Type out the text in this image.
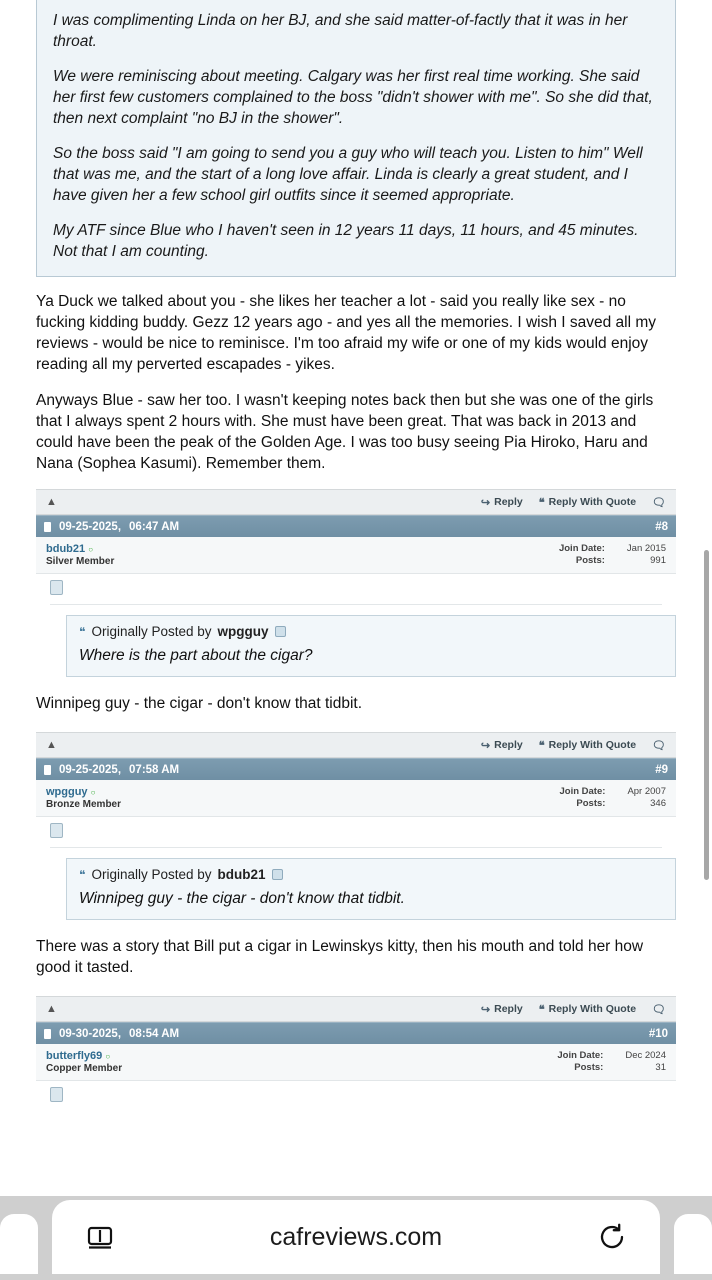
I was complimenting Linda on her BJ, and she said matter-of-factly that it was in her throat.

We were reminiscing about meeting. Calgary was her first real time working. She said her first few customers complained to the boss "didn't shower with me". So she did that, then next complaint "no BJ in the shower".

So the boss said "I am going to send you a guy who will teach you. Listen to him" Well that was me, and the start of a long love affair. Linda is clearly a great student, and I have given her a few school girl outfits since it seemed appropriate.

My ATF since Blue who I haven't seen in 12 years 11 days, 11 hours, and 45 minutes. Not that I am counting.

Ya Duck we talked about you - she likes her teacher a lot - said you really like sex - no fucking kidding buddy. Gezz 12 years ago - and yes all the memories. I wish I saved all my reviews - would be nice to reminisce. I'm too afraid my wife or one of my kids would enjoy reading all my perverted escapades - yikes.

Anyways Blue - saw her too. I wasn't keeping notes back then but she was one of the girls that I always spent 2 hours with. She must have been great. That was back in 2013 and could have been the peak of the Golden Age. I was too busy seeing Pia Hiroko, Haru and Nana (Sophea Kasumi). Remember them.

▲	↪ Reply ❝ Reply With Quote 🗨
09-25-2025, 06:47 AM	#8
bdub21 ○
Silver Member
Join Date: Jan 2015
Posts:	991
❝ Originally Posted by wpgguy
Where is the part about the cigar?
Winnipeg guy - the cigar - don't know that tidbit.
▲	↪ Reply ❝ Reply With Quote 🗨
09-25-2025, 07:58 AM	#9
wpgguy ○
Bronze Member
Join Date: Apr 2007
Posts:	346
❝ Originally Posted by bdub21
Winnipeg guy - the cigar - don't know that tidbit.
There was a story that Bill put a cigar in Lewinskys kitty, then his mouth and told her how good it tasted.
▲	↪ Reply ❝ Reply With Quote 🗨
09-30-2025, 08:54 AM	#10
butterfly69 ○
Copper Member
Join Date: Dec 2024
Posts:	31
cafreviews.com
